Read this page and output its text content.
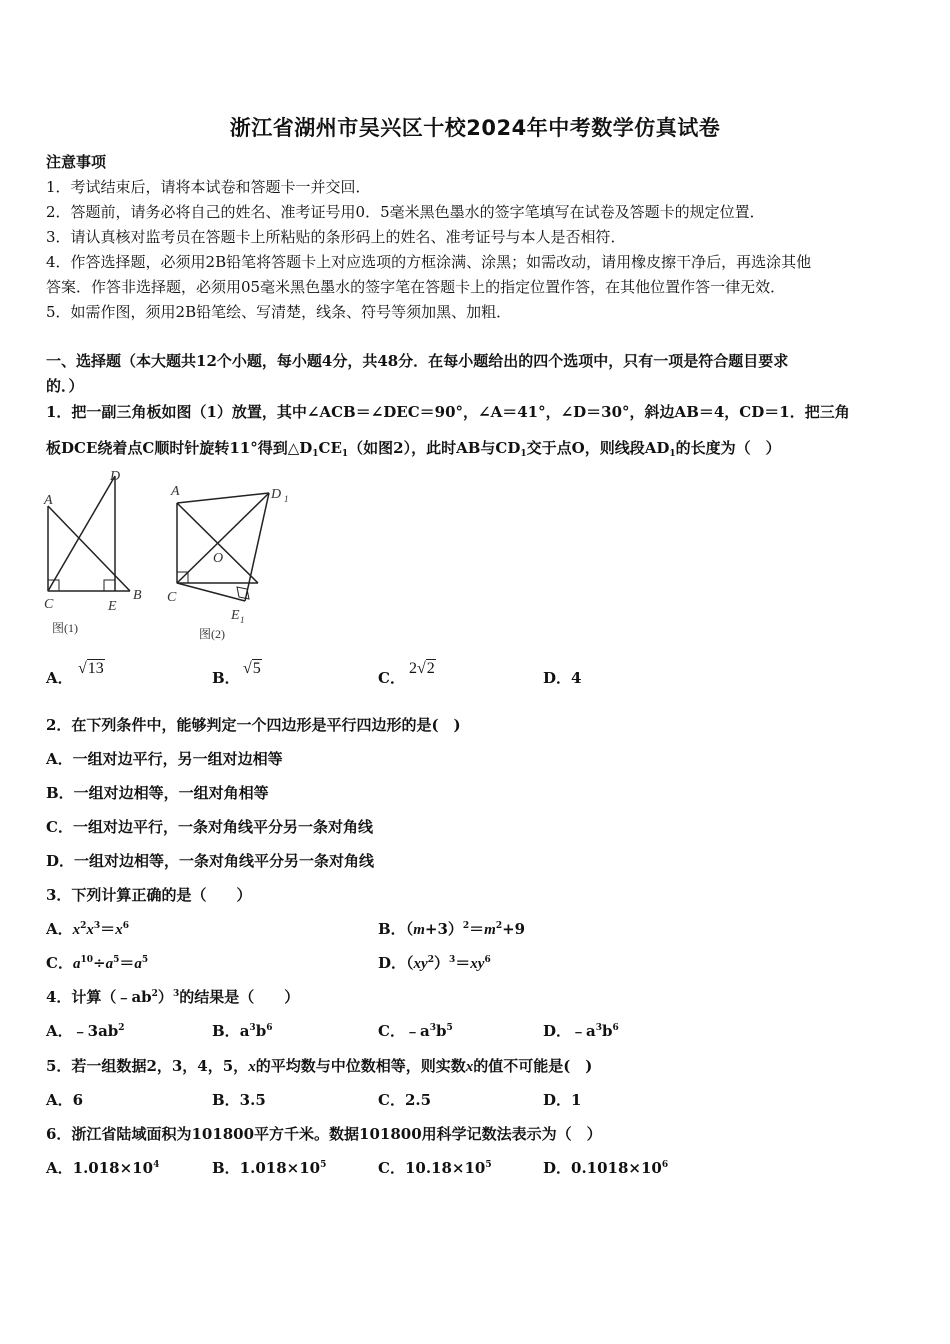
浙江省湖州市吴兴区十校2024年中考数学仿真试卷
注意事项
1．考试结束后，请将本试卷和答题卡一并交回．
2．答题前，请务必将自己的姓名、准考证号用0．5毫米黑色墨水的签字笔填写在试卷及答题卡的规定位置．
3．请认真核对监考员在答题卡上所粘贴的条形码上的姓名、准考证号与本人是否相符．
4．作答选择题，必须用2B铅笔将答题卡上对应选项的方框涂满、涂黑；如需改动，请用橡皮擦干净后，再选涂其他
答案．作答非选择题，必须用05毫米黑色墨水的签字笔在答题卡上的指定位置作答，在其他位置作答一律无效．
5．如需作图，须用2B铅笔绘、写清楚，线条、符号等须加黑、加粗．
一、选择题（本大题共12个小题，每小题4分，共48分．在每小题给出的四个选项中，只有一项是符合题目要求
的．）
1．把一副三角板如图（1）放置，其中∠ACB＝∠DEC＝90°，∠A＝41°，∠D＝30°，斜边AB＝4，CD＝1．把三角
板DCE绕着点C顺时针旋转11°得到$\triangle D_1CE_1$（如图2），此时AB与$CD_1$交于点O，则线段$AD_1$的长度为（　）
A
D
C	E
B
图(1)
A	D 1
O
C
E 1
图(2)
A．
√13
B．
√5
C．
2√2
D．4
2．在下列条件中，能够判定一个四边形是平行四边形的是(　)
A．一组对边平行，另一组对边相等
B．一组对边相等，一组对角相等
C．一组对边平行，一条对角线平分另一条对角线
D．一组对边相等，一条对角线平分另一条对角线
3．下列计算正确的是（　　）
A．$x^2x^3=x^6$	B．$(m+3)^2=m^2+9$
C．$a^{10}\div a^5=a^5$	D．$(xy^2)^3=xy^6$
4．计算$(﹣ab^2)^3$的结果是（　　）
A．$﹣3ab^2$	B．$a^3b^6$	C．$﹣a^3b^5$	D．$﹣a^3b^6$
5．若一组数据2，3，4，5，x的平均数与中位数相等，则实数x的值不可能是(　)
A．6	B．3.5	C．2.5	D．1
6．浙江省陆域面积为101800平方千米。数据101800用科学记数法表示为（　）
A．$1.018\times 10^4$	B．$1.018\times 10^5$	C．$10.18\times 10^5$	D．$0.1018\times 10^6$
